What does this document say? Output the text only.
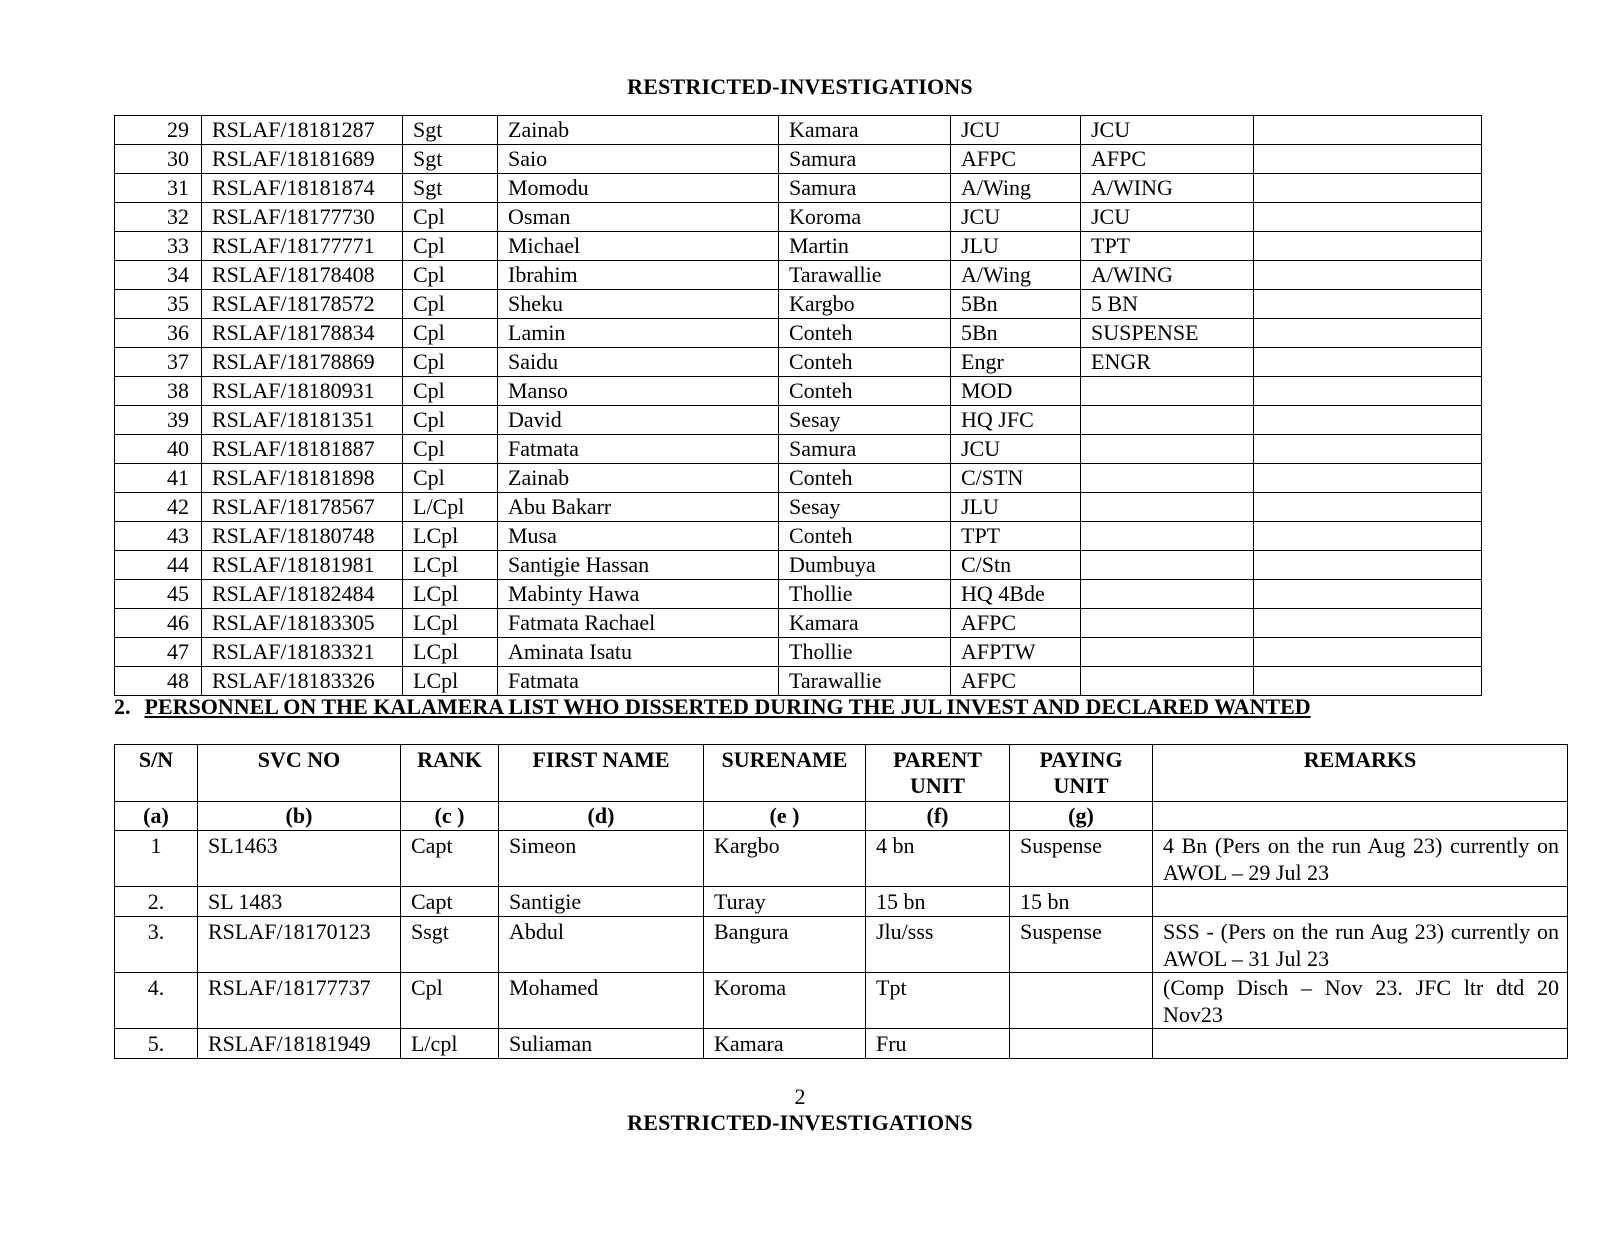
RESTRICTED-INVESTIGATIONS
29	RSLAF/18181287	Sgt	Zainab	Kamara	JCU	JCU	
30	RSLAF/18181689	Sgt	Saio	Samura	AFPC	AFPC	
31	RSLAF/18181874	Sgt	Momodu	Samura	A/Wing	A/WING	
32	RSLAF/18177730	Cpl	Osman	Koroma	JCU	JCU	
33	RSLAF/18177771	Cpl	Michael	Martin	JLU	TPT	
34	RSLAF/18178408	Cpl	Ibrahim	Tarawallie	A/Wing	A/WING	
35	RSLAF/18178572	Cpl	Sheku	Kargbo	5Bn	5 BN	
36	RSLAF/18178834	Cpl	Lamin	Conteh	5Bn	SUSPENSE	
37	RSLAF/18178869	Cpl	Saidu	Conteh	Engr	ENGR	
38	RSLAF/18180931	Cpl	Manso	Conteh	MOD		
39	RSLAF/18181351	Cpl	David	Sesay	HQ JFC		
40	RSLAF/18181887	Cpl	Fatmata	Samura	JCU		
41	RSLAF/18181898	Cpl	Zainab	Conteh	C/STN		
42	RSLAF/18178567	L/Cpl	Abu Bakarr	Sesay	JLU		
43	RSLAF/18180748	LCpl	Musa	Conteh	TPT		
44	RSLAF/18181981	LCpl	Santigie Hassan	Dumbuya	C/Stn		
45	RSLAF/18182484	LCpl	Mabinty Hawa	Thollie	HQ 4Bde		
46	RSLAF/18183305	LCpl	Fatmata Rachael	Kamara	AFPC		
47	RSLAF/18183321	LCpl	Aminata Isatu	Thollie	AFPTW		
48	RSLAF/18183326	LCpl	Fatmata	Tarawallie	AFPC		
2. PERSONNEL ON THE KALAMERA LIST WHO DISSERTED DURING THE JUL INVEST AND DECLARED WANTED
S/N	SVC NO	RANK	FIRST NAME	SURENAME	PARENT UNIT	PAYING UNIT	REMARKS
(a)	(b)	(c )	(d)	(e )	(f)	(g)	
1	SL1463	Capt	Simeon	Kargbo	4 bn	Suspense	4 Bn (Pers on the run Aug 23) currently on AWOL – 29 Jul 23
2.	SL 1483	Capt	Santigie	Turay	15 bn	15 bn	
3.	RSLAF/18170123	Ssgt	Abdul	Bangura	Jlu/sss	Suspense	SSS - (Pers on the run Aug 23) currently on AWOL – 31 Jul 23
4.	RSLAF/18177737	Cpl	Mohamed	Koroma	Tpt		(Comp Disch – Nov 23. JFC ltr dtd 20 Nov23
5.	RSLAF/18181949	L/cpl	Suliaman	Kamara	Fru		
2
RESTRICTED-INVESTIGATIONS
